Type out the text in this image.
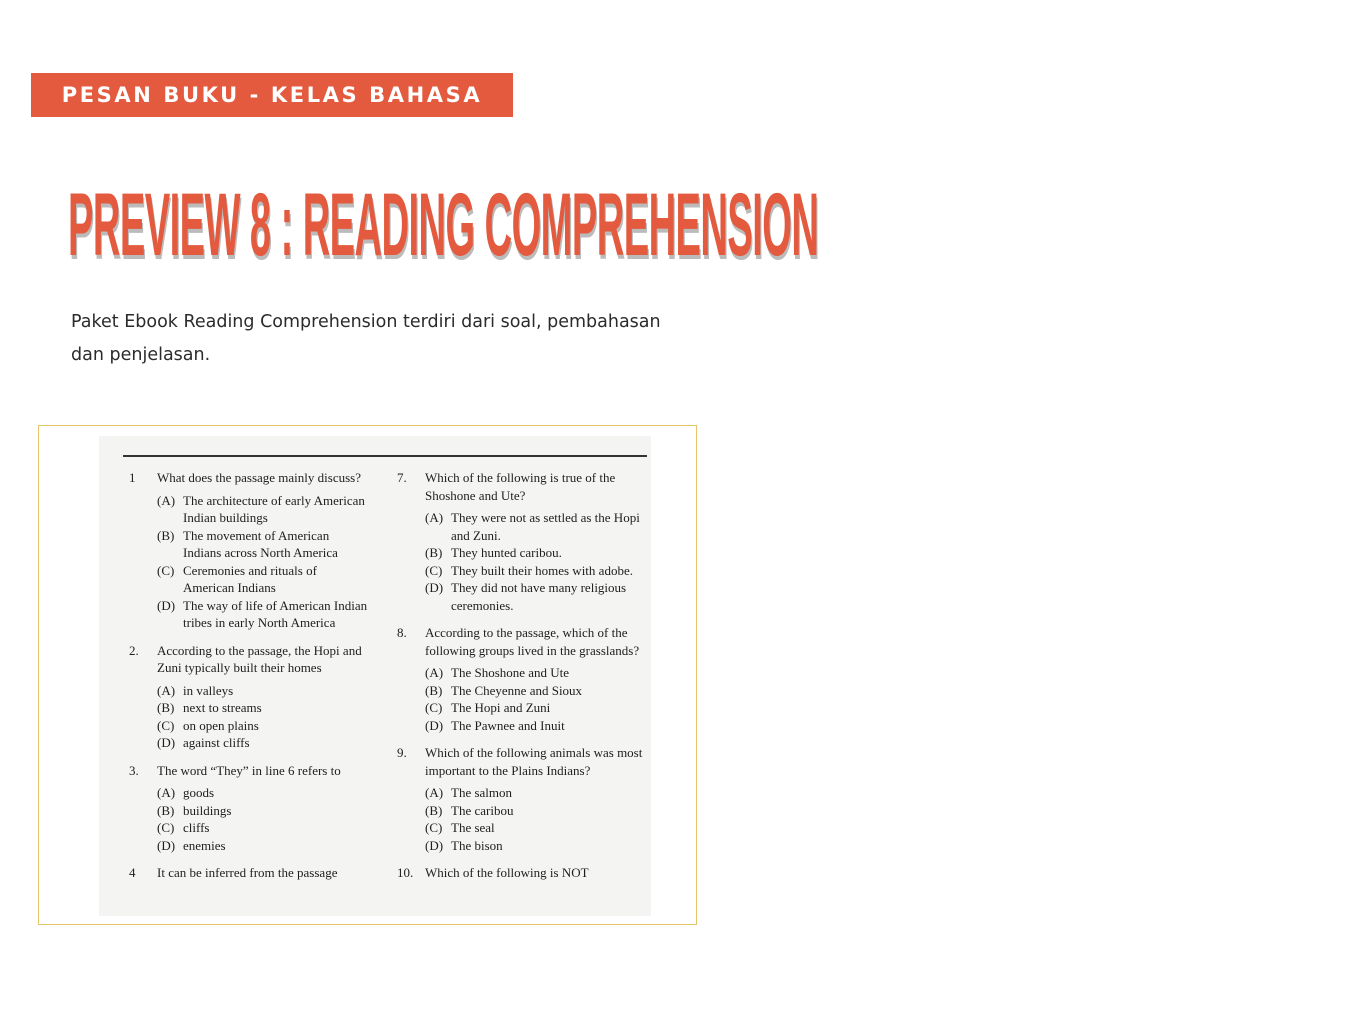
PESAN BUKU - KELAS BAHASA
PREVIEW 8 : READING COMPREHENSION
Paket Ebook Reading Comprehension terdiri dari soal, pembahasan dan penjelasan.
1	What does the passage mainly discuss?
(A) The architecture of early American Indian buildings
(B) The movement of American Indians across North America
(C) Ceremonies and rituals of American Indians
(D) The way of life of American Indian tribes in early North America
2.	According to the passage, the Hopi and Zuni typically built their homes
(A) in valleys
(B) next to streams
(C) on open plains
(D) against cliffs
3.	The word “They” in line 6 refers to
(A) goods
(B) buildings
(C) cliffs
(D) enemies
4	It can be inferred from the passage
7.	Which of the following is true of the Shoshone and Ute?
(A) They were not as settled as the Hopi and Zuni.
(B) They hunted caribou.
(C) They built their homes with adobe.
(D) They did not have many religious ceremonies.
8.	According to the passage, which of the following groups lived in the grasslands?
(A) The Shoshone and Ute
(B) The Cheyenne and Sioux
(C) The Hopi and Zuni
(D) The Pawnee and Inuit
9.	Which of the following animals was most important to the Plains Indians?
(A) The salmon
(B) The caribou
(C) The seal
(D) The bison
10. Which of the following is NOT
